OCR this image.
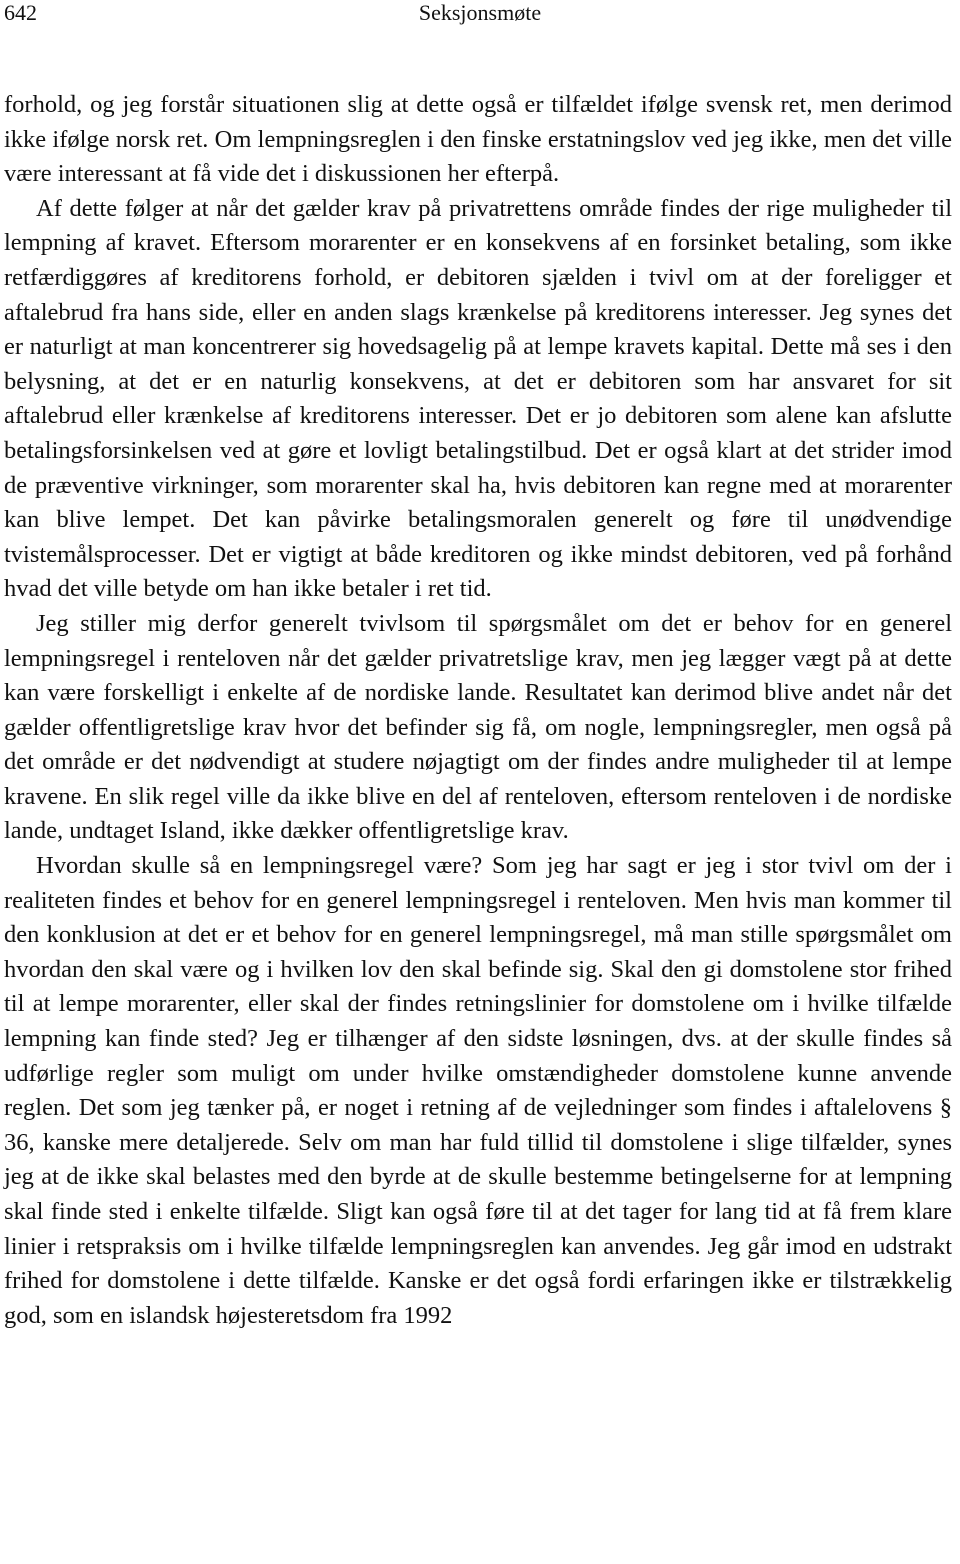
642	Seksjonsmøte

forhold, og jeg forstår situationen slig at dette også er tilfældet ifølge svensk ret, men derimod ikke ifølge norsk ret. Om lempningsreglen i den finske erstatningslov ved jeg ikke, men det ville være interessant at få vide det i diskussionen her efterpå.

Af dette følger at når det gælder krav på privatrettens område findes der rige muligheder til lempning af kravet. Eftersom morarenter er en konsekvens af en forsinket betaling, som ikke retfærdiggøres af kreditorens forhold, er debitoren sjælden i tvivl om at der foreligger et aftalebrud fra hans side, eller en anden slags krænkelse på kreditorens interesser. Jeg synes det er naturligt at man koncentrerer sig hovedsagelig på at lempe kravets kapital. Dette må ses i den belysning, at det er en naturlig konsekvens, at det er debitoren som har ansvaret for sit aftalebrud eller krænkelse af kreditorens interesser. Det er jo debitoren som alene kan afslutte betalingsforsinkelsen ved at gøre et lovligt betalingstilbud. Det er også klart at det strider imod de præventive virkninger, som morarenter skal ha, hvis debitoren kan regne med at morarenter kan blive lempet. Det kan påvirke betalingsmoralen generelt og føre til unødvendige tvistemålsprocesser. Det er vigtigt at både kreditoren og ikke mindst debitoren, ved på forhånd hvad det ville betyde om han ikke betaler i ret tid.

Jeg stiller mig derfor generelt tvivlsom til spørgsmålet om det er behov for en generel lempningsregel i renteloven når det gælder privatretslige krav, men jeg lægger vægt på at dette kan være forskelligt i enkelte af de nordiske lande. Resultatet kan derimod blive andet når det gælder offentligretslige krav hvor det befinder sig få, om nogle, lempningsregler, men også på det område er det nødvendigt at studere nøjagtigt om der findes andre muligheder til at lempe kravene. En slik regel ville da ikke blive en del af renteloven, eftersom renteloven i de nordiske lande, undtaget Island, ikke dækker offentligretslige krav.

Hvordan skulle så en lempningsregel være? Som jeg har sagt er jeg i stor tvivl om der i realiteten findes et behov for en generel lempningsregel i renteloven. Men hvis man kommer til den konklusion at det er et behov for en generel lempningsregel, må man stille spørgsmålet om hvordan den skal være og i hvilken lov den skal befinde sig. Skal den gi domstolene stor frihed til at lempe morarenter, eller skal der findes retningslinier for domstolene om i hvilke tilfælde lempning kan finde sted? Jeg er tilhænger af den sidste løsningen, dvs. at der skulle findes så udførlige regler som muligt om under hvilke omstændigheder domstolene kunne anvende reglen. Det som jeg tænker på, er noget i retning af de vejledninger som findes i aftalelovens § 36, kanske mere detaljerede. Selv om man har fuld tillid til domstolene i slige tilfælder, synes jeg at de ikke skal belastes med den byrde at de skulle bestemme betingelserne for at lempning skal finde sted i enkelte tilfælde. Sligt kan også føre til at det tager for lang tid at få frem klare linier i retspraksis om i hvilke tilfælde lempningsreglen kan anvendes. Jeg går imod en udstrakt frihed for domstolene i dette tilfælde. Kanske er det også fordi erfaringen ikke er tilstrækkelig god, som en islandsk højesteretsdom fra 1992
